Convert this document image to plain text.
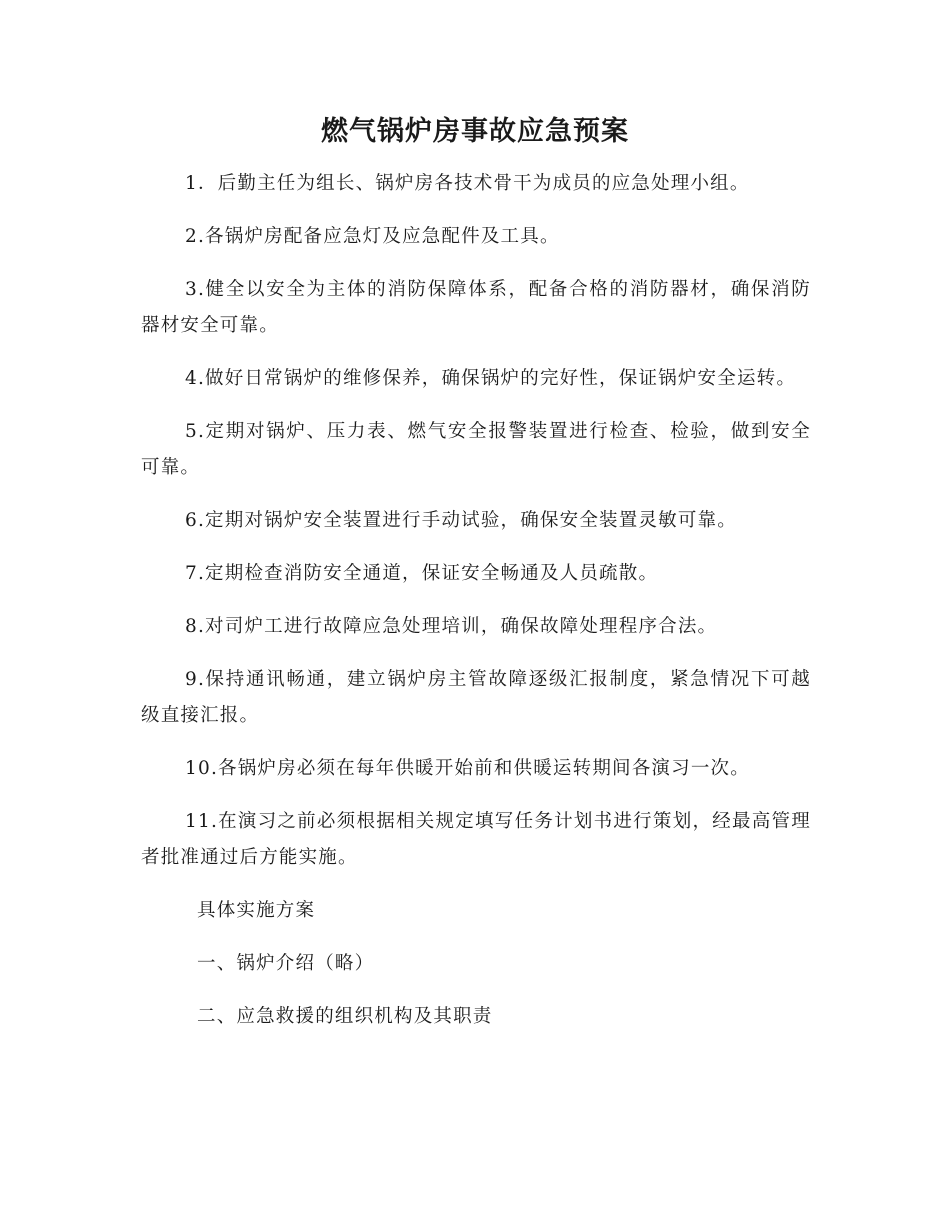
燃气锅炉房事故应急预案

1．后勤主任为组长、锅炉房各技术骨干为成员的应急处理小组。

2.各锅炉房配备应急灯及应急配件及工具。

3.健全以安全为主体的消防保障体系，配备合格的消防器材，确保消防器材安全可靠。

4.做好日常锅炉的维修保养，确保锅炉的完好性，保证锅炉安全运转。

5.定期对锅炉、压力表、燃气安全报警装置进行检查、检验，做到安全可靠。

6.定期对锅炉安全装置进行手动试验，确保安全装置灵敏可靠。

7.定期检查消防安全通道，保证安全畅通及人员疏散。

8.对司炉工进行故障应急处理培训，确保故障处理程序合法。

9.保持通讯畅通，建立锅炉房主管故障逐级汇报制度，紧急情况下可越级直接汇报。

10.各锅炉房必须在每年供暖开始前和供暖运转期间各演习一次。

11.在演习之前必须根据相关规定填写任务计划书进行策划，经最高管理者批准通过后方能实施。

具体实施方案

一、锅炉介绍（略）

二、应急救援的组织机构及其职责
